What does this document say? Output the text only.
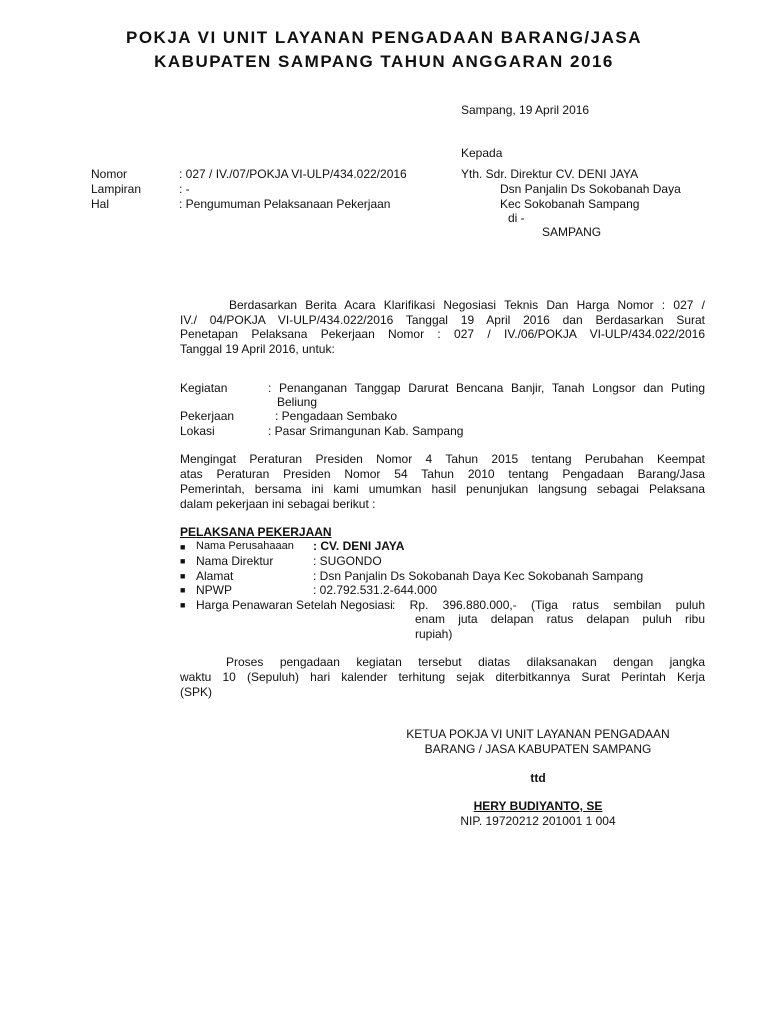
POKJA VI UNIT LAYANAN PENGADAAN BARANG/JASA
KABUPATEN SAMPANG TAHUN ANGGARAN 2016
Sampang, 19 April 2016
Kepada
Yth. Sdr. Direktur CV. DENI JAYA
Dsn Panjalin Ds Sokobanah Daya
Kec Sokobanah Sampang
di -
SAMPANG
Nomor	: 027 / IV./07/POKJA VI-ULP/434.022/2016
Lampiran	: -
Hal	: Pengumuman Pelaksanaan Pekerjaan
Berdasarkan Berita Acara Klarifikasi Negosiasi Teknis Dan Harga Nomor : 027 /
IV./ 04/POKJA VI-ULP/434.022/2016 Tanggal 19 April 2016 dan Berdasarkan Surat
Penetapan Pelaksana Pekerjaan Nomor : 027 / IV./06/POKJA VI-ULP/434.022/2016
Tanggal 19 April 2016, untuk:
Kegiatan	: Penanganan Tanggap Darurat Bencana Banjir, Tanah Longsor dan Puting
Beliung
Pekerjaan	: Pengadaan Sembako
Lokasi	: Pasar Srimangunan Kab. Sampang
Mengingat Peraturan Presiden Nomor 4 Tahun 2015 tentang Perubahan Keempat
atas Peraturan Presiden Nomor 54 Tahun 2010 tentang Pengadaan Barang/Jasa
Pemerintah, bersama ini kami umumkan hasil penunjukan langsung sebagai Pelaksana
dalam pekerjaan ini sebagai berikut :
PELAKSANA PEKERJAAN
■ Nama Perusahaaan : CV. DENI JAYA
■ Nama Direktur	: SUGONDO
■ Alamat	: Dsn Panjalin Ds Sokobanah Daya Kec Sokobanah Sampang
■ NPWP	: 02.792.531.2-644.000
■ Harga Penawaran Setelah Negosiasi : Rp. 396.880.000,- (Tiga ratus sembilan puluh
enam juta delapan ratus delapan puluh ribu
rupiah)
Proses pengadaan kegiatan tersebut diatas dilaksanakan dengan jangka
waktu 10 (Sepuluh) hari kalender terhitung sejak diterbitkannya Surat Perintah Kerja
(SPK)
KETUA POKJA VI UNIT LAYANAN PENGADAAN
BARANG / JASA KABUPATEN SAMPANG
ttd
HERY BUDIYANTO, SE
NIP. 19720212 201001 1 004
